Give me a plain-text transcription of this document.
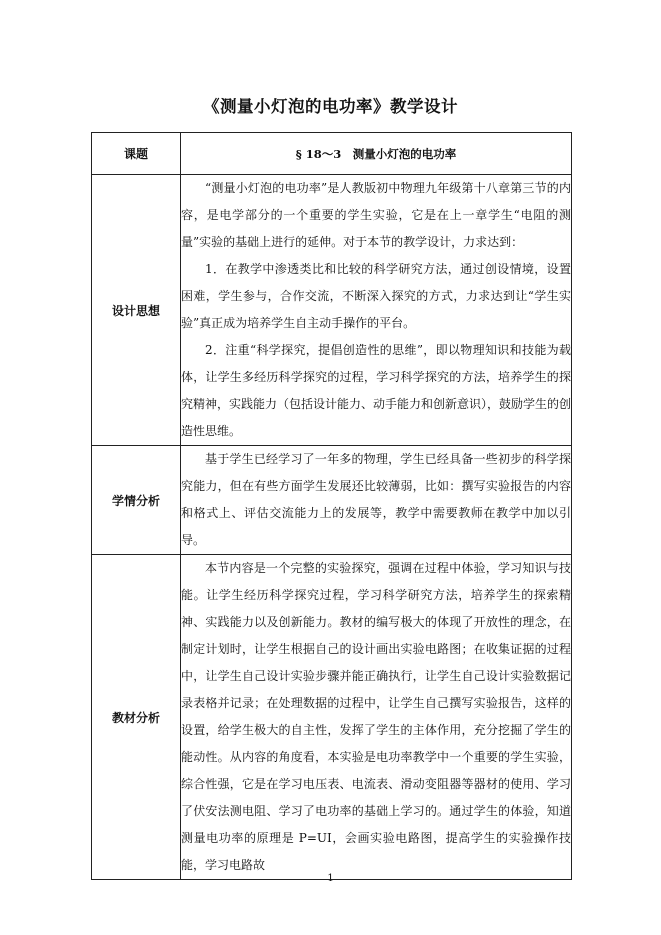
《测量小灯泡的电功率》教学设计
课题	§ 18～3　测量小灯泡的电功率
设计思想	“测量小灯泡的电功率”是人教版初中物理九年级第十八章第三节的内容，是电学部分的一个重要的学生实验，它是在上一章学生“电阻的测量”实验的基础上进行的延伸。对于本节的教学设计，力求达到：

1．在教学中渗透类比和比较的科学研究方法，通过创设情境，设置困难，学生参与，合作交流，不断深入探究的方式，力求达到让“学生实验”真正成为培养学生自主动手操作的平台。

2．注重“科学探究，提倡创造性的思维”，即以物理知识和技能为载体，让学生多经历科学探究的过程，学习科学探究的方法，培养学生的探究精神，实践能力（包括设计能力、动手能力和创新意识），鼓励学生的创造性思维。

学情分析	基于学生已经学习了一年多的物理，学生已经具备一些初步的科学探究能力，但在有些方面学生发展还比较薄弱，比如：撰写实验报告的内容和格式上、评估交流能力上的发展等，教学中需要教师在教学中加以引导。

教材分析	本节内容是一个完整的实验探究，强调在过程中体验，学习知识与技能。让学生经历科学探究过程，学习科学研究方法，培养学生的探索精神、实践能力以及创新能力。教材的编写极大的体现了开放性的理念，在制定计划时，让学生根据自己的设计画出实验电路图；在收集证据的过程中，让学生自己设计实验步骤并能正确执行，让学生自己设计实验数据记录表格并记录；在处理数据的过程中，让学生自己撰写实验报告，这样的设置，给学生极大的自主性，发挥了学生的主体作用，充分挖掘了学生的能动性。从内容的角度看，本实验是电功率教学中一个重要的学生实验，综合性强，它是在学习电压表、电流表、滑动变阻器等器材的使用、学习了伏安法测电阻、学习了电功率的基础上学习的。通过学生的体验，知道测量电功率的原理是 P=UI，会画实验电路图，提高学生的实验操作技能，学习电路故

1
